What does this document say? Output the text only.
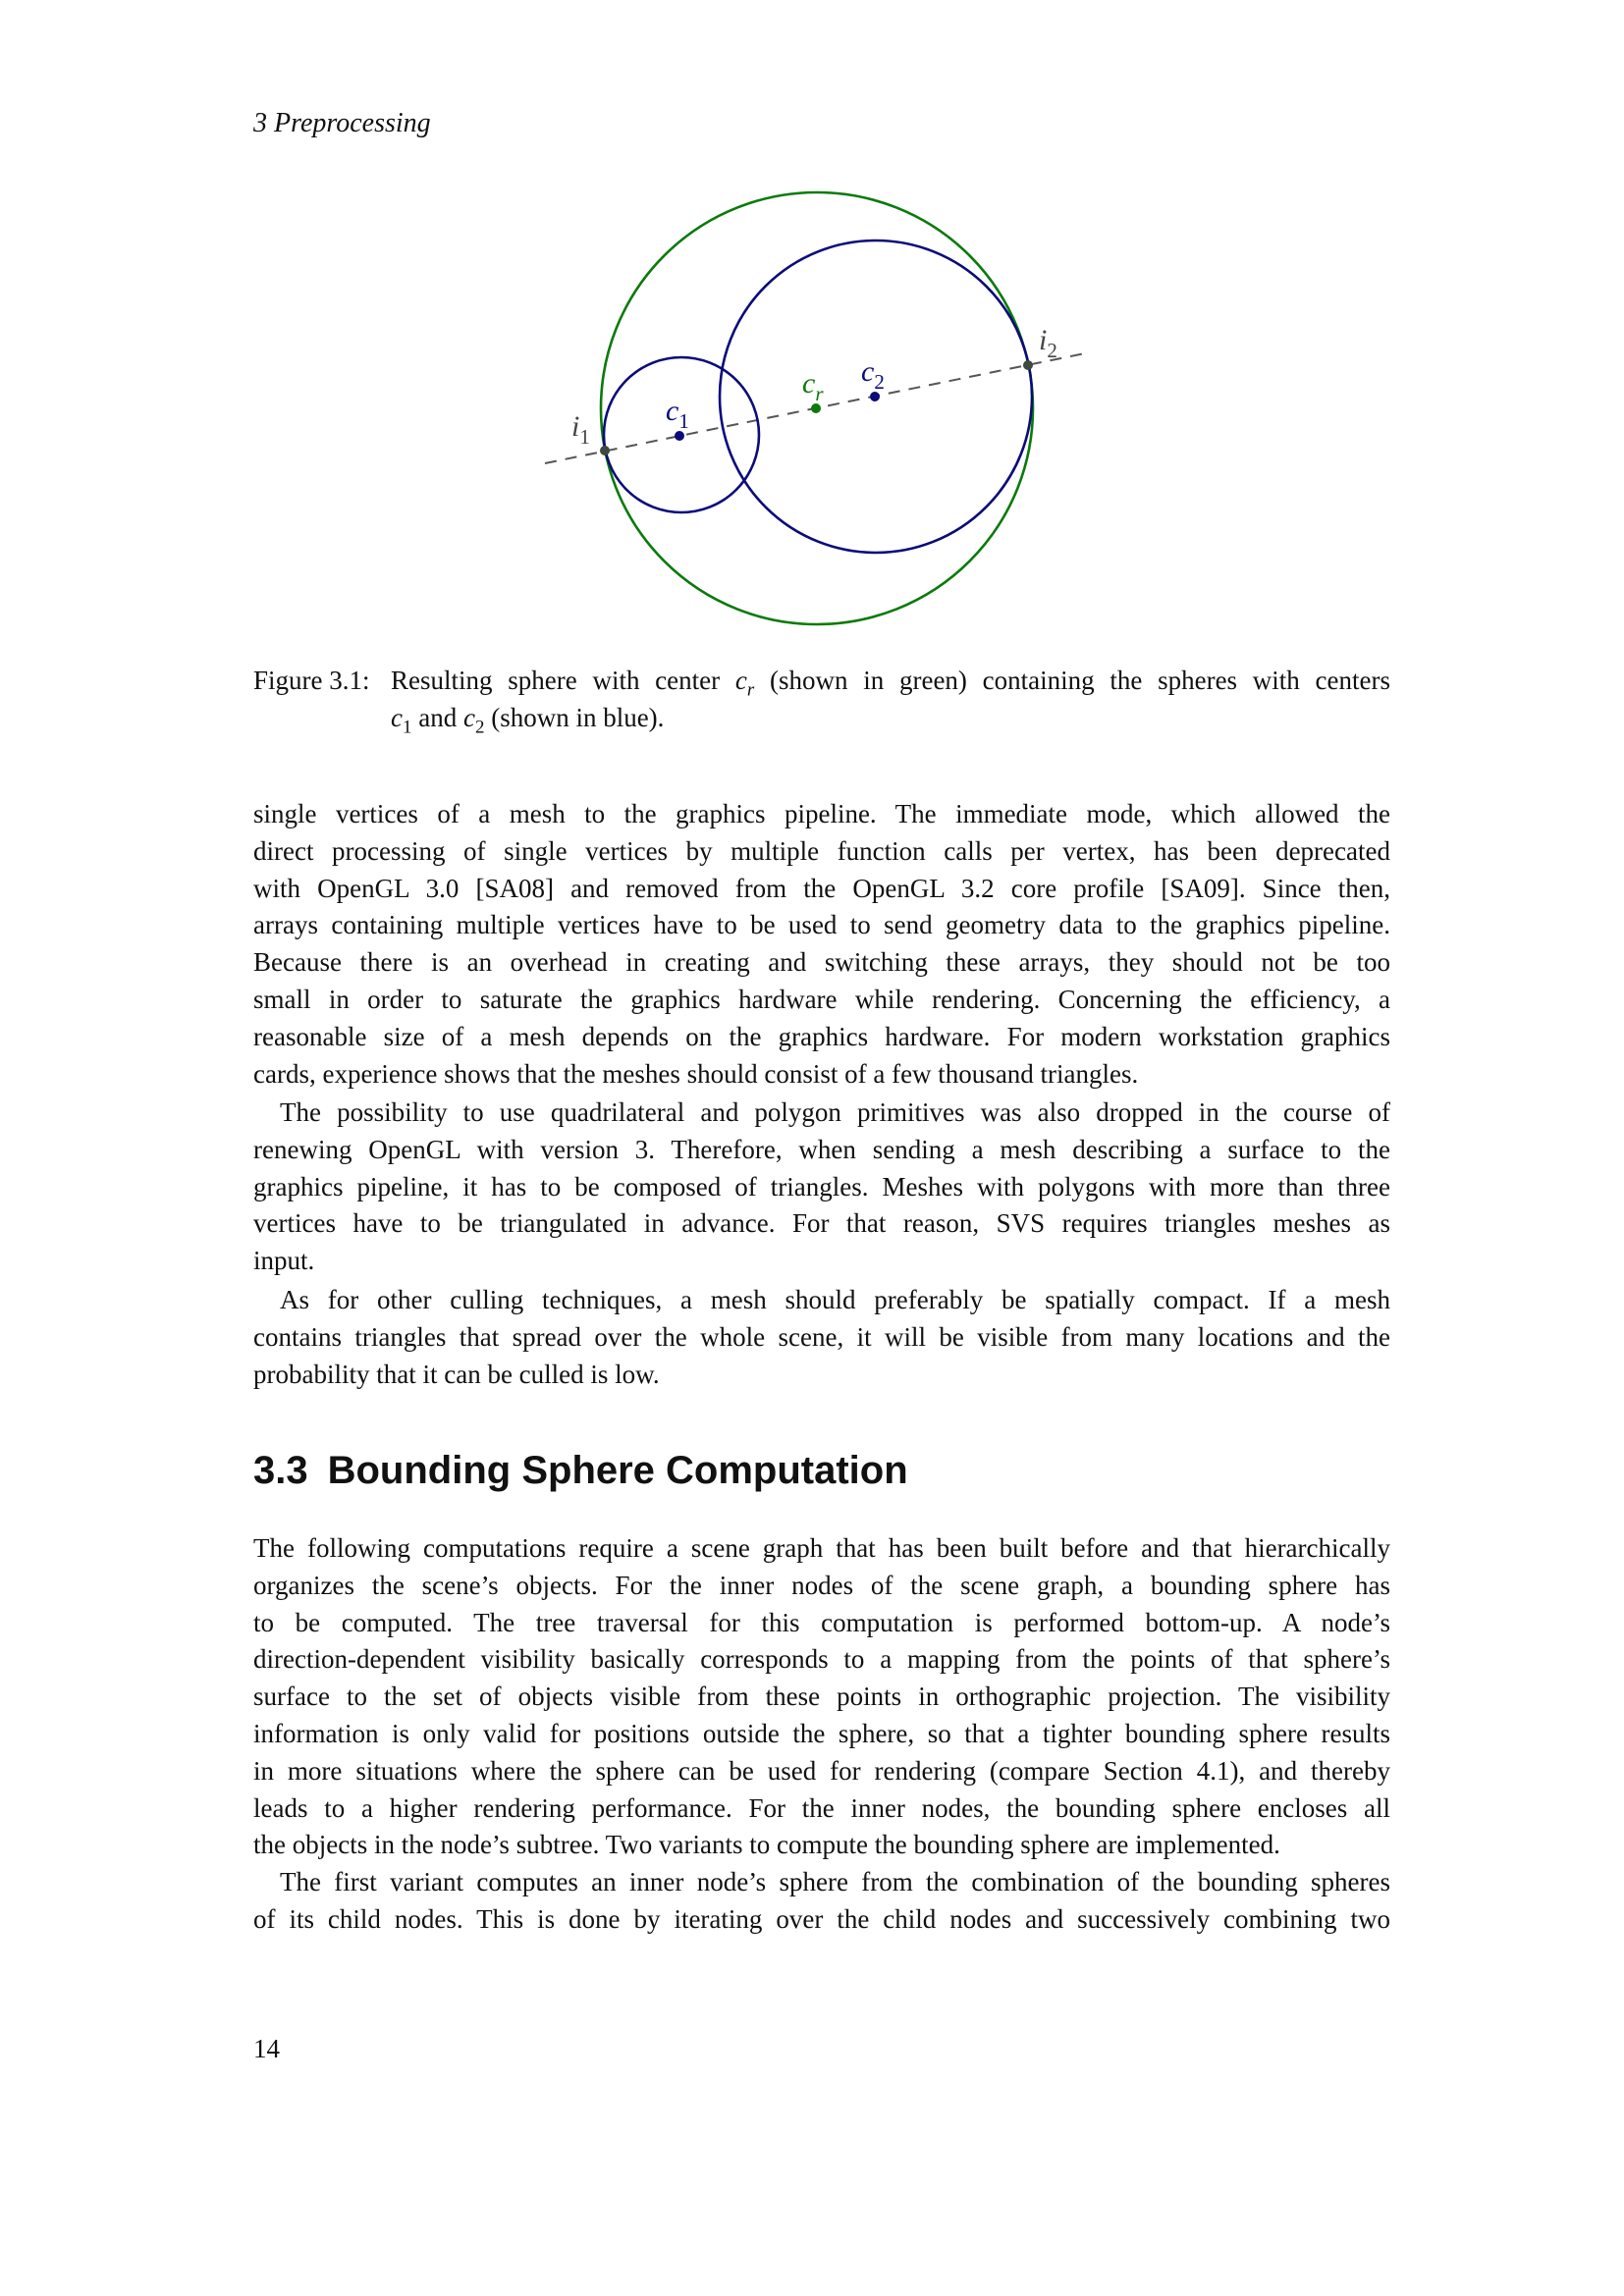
3 Preprocessing
$i_1$
$c_1$
$c_r$
$c_2$
$i_2$
Figure 3.1: Resulting sphere with center $c_r$ (shown in green) containing the spheres with centers
$c_1$ and $c_2$ (shown in blue).
single vertices of a mesh to the graphics pipeline. The immediate mode, which allowed the
direct processing of single vertices by multiple function calls per vertex, has been deprecated
with OpenGL 3.0 [SA08] and removed from the OpenGL 3.2 core profile [SA09]. Since then,
arrays containing multiple vertices have to be used to send geometry data to the graphics pipeline.
Because there is an overhead in creating and switching these arrays, they should not be too
small in order to saturate the graphics hardware while rendering. Concerning the efficiency, a
reasonable size of a mesh depends on the graphics hardware. For modern workstation graphics
cards, experience shows that the meshes should consist of a few thousand triangles.
The possibility to use quadrilateral and polygon primitives was also dropped in the course of
renewing OpenGL with version 3. Therefore, when sending a mesh describing a surface to the
graphics pipeline, it has to be composed of triangles. Meshes with polygons with more than three
vertices have to be triangulated in advance. For that reason, SVS requires triangles meshes as
input.
As for other culling techniques, a mesh should preferably be spatially compact. If a mesh
contains triangles that spread over the whole scene, it will be visible from many locations and the
probability that it can be culled is low.
3.3 Bounding Sphere Computation
The following computations require a scene graph that has been built before and that hierarchically
organizes the scene’s objects. For the inner nodes of the scene graph, a bounding sphere has
to be computed. The tree traversal for this computation is performed bottom-up. A node’s
direction-dependent visibility basically corresponds to a mapping from the points of that sphere’s
surface to the set of objects visible from these points in orthographic projection. The visibility
information is only valid for positions outside the sphere, so that a tighter bounding sphere results
in more situations where the sphere can be used for rendering (compare Section 4.1), and thereby
leads to a higher rendering performance. For the inner nodes, the bounding sphere encloses all
the objects in the node’s subtree. Two variants to compute the bounding sphere are implemented.
The first variant computes an inner node’s sphere from the combination of the bounding spheres
of its child nodes. This is done by iterating over the child nodes and successively combining two
14
